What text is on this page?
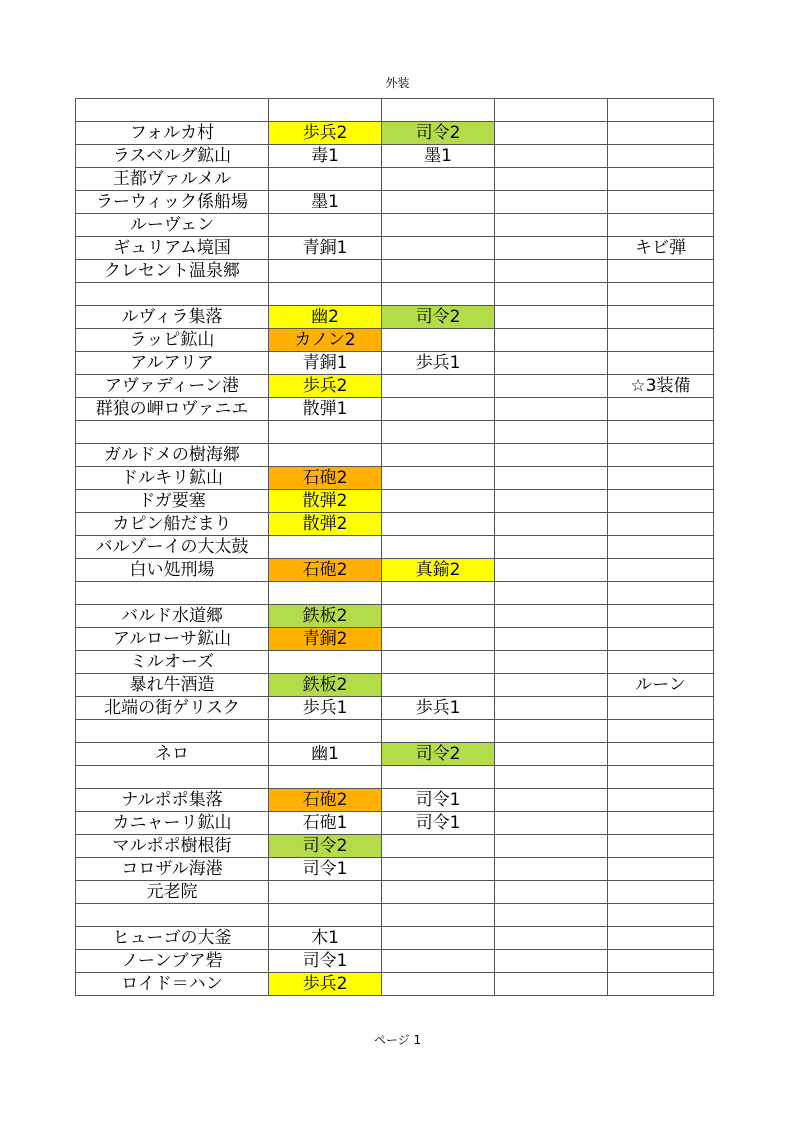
外装

フォルカ村	歩兵2	司令2		
ラスベルグ鉱山	毒1	墨1		
王都ヴァルメル				
ラーウィック係船場	墨1			
ルーヴェン				
ギュリアム境国	青銅1			キビ弾
クレセント温泉郷				

ルヴィラ集落	幽2	司令2		
ラッピ鉱山	カノン2			
アルアリア	青銅1	歩兵1		
アヴァディーン港	歩兵2			☆3装備
群狼の岬ロヴァニエ	散弾1			

ガルドメの樹海郷				
ドルキリ鉱山	石砲2			
ドガ要塞	散弾2			
カピン船だまり	散弾2			
バルゾーイの大太鼓				
白い処刑場	石砲2	真鍮2		

バルド水道郷	鉄板2			
アルローサ鉱山	青銅2			
ミルオーズ				
暴れ牛酒造	鉄板2			ルーン
北端の街ゲリスク	歩兵1	歩兵1		

ネロ	幽1	司令2		

ナルポポ集落	石砲2	司令1		
カニャーリ鉱山	石砲1	司令1		
マルポポ樹根街	司令2			
コロザル海港	司令1			
元老院				

ヒューゴの大釜	木1			
ノーンブア砦	司令1			
ロイド＝ハン	歩兵2			
ページ 1
